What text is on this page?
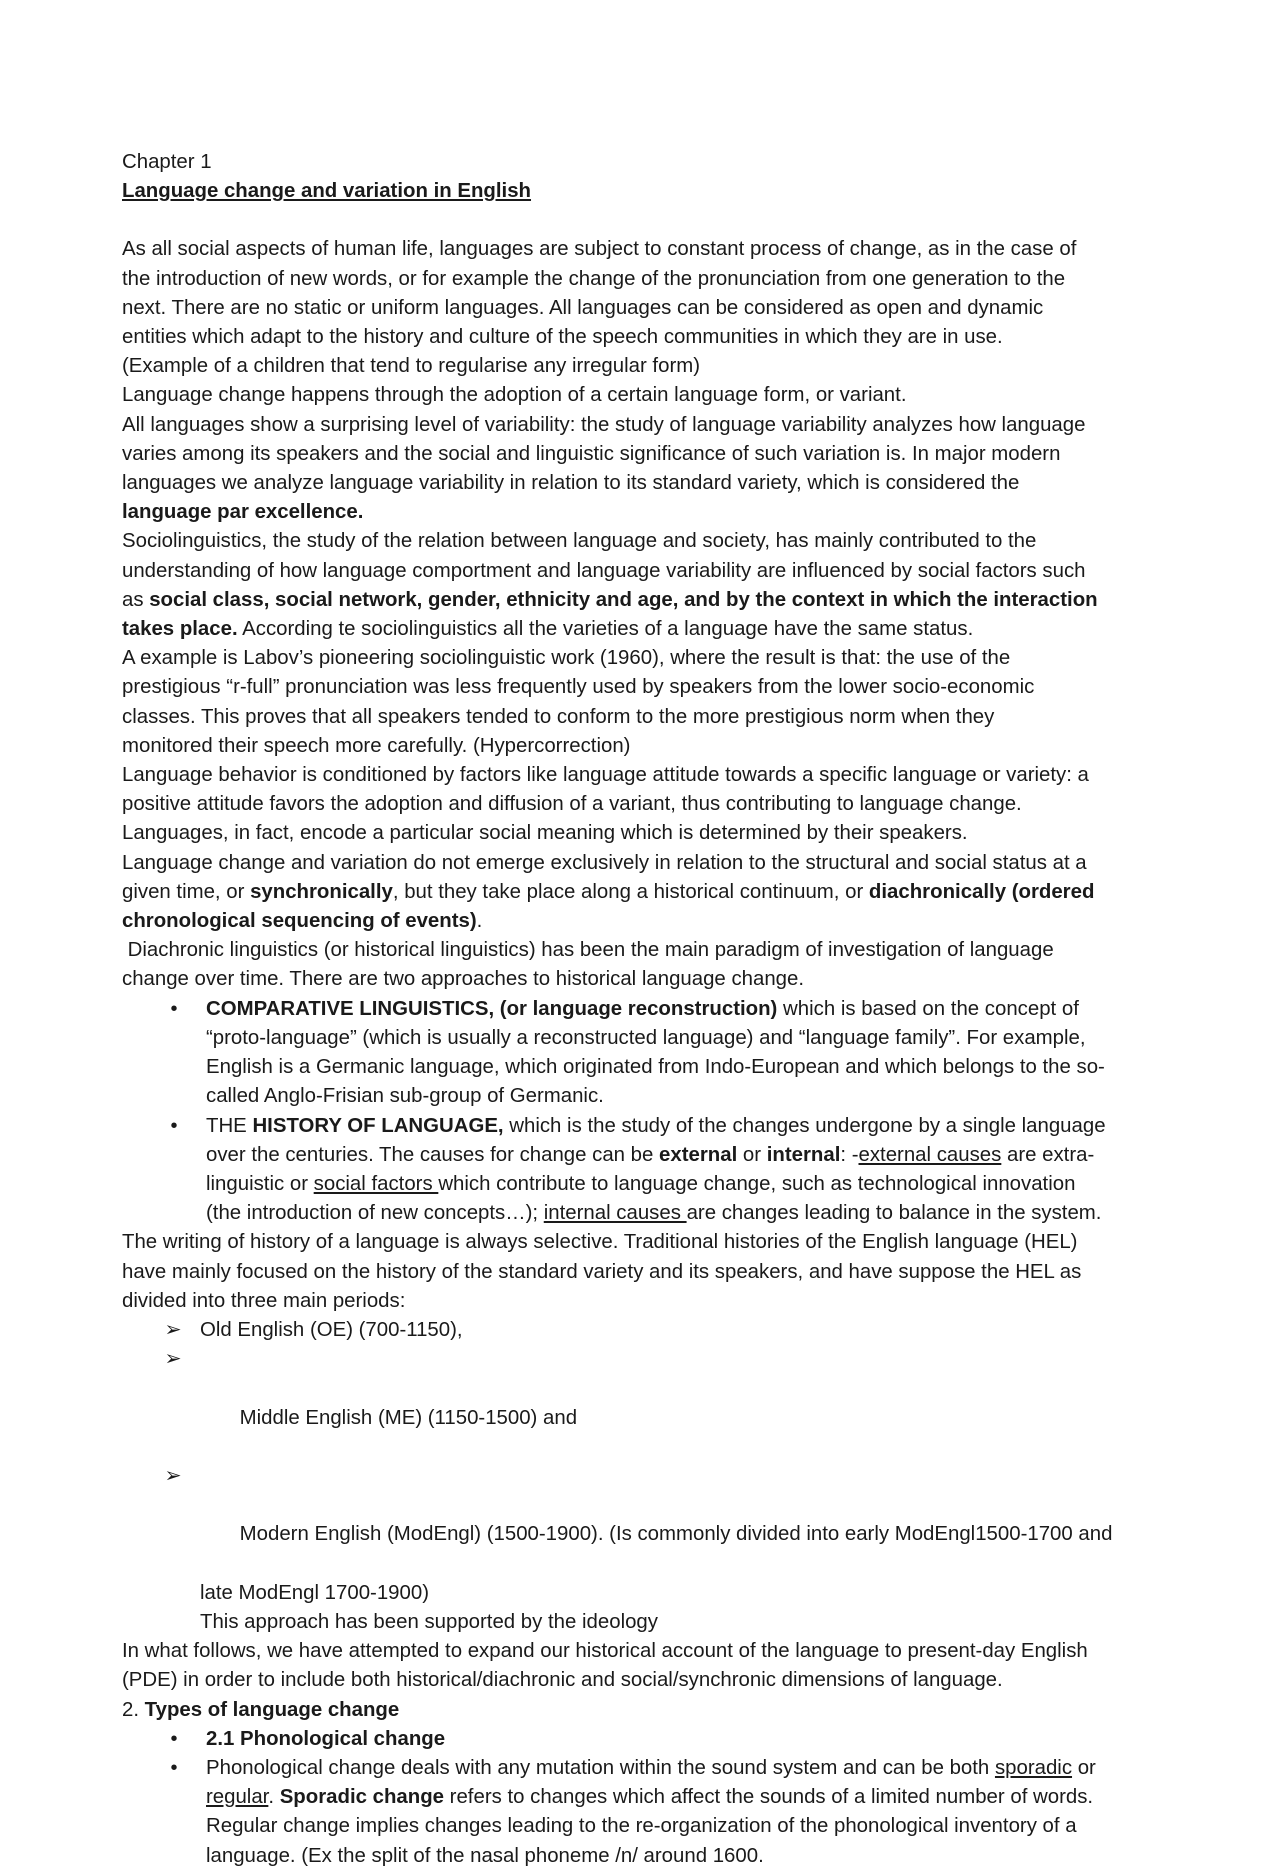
Chapter 1
Language change and variation in English
As all social aspects of human life, languages are subject to constant process of change, as in the case of
the introduction of new words, or for example the change of the pronunciation from one generation to the
next. There are no static or uniform languages. All languages can be considered as open and dynamic
entities which adapt to the history and culture of the speech communities in which they are in use.
(Example of a children that tend to regularise any irregular form)
Language change happens through the adoption of a certain language form, or variant.
All languages show a surprising level of variability: the study of language variability analyzes how language
varies among its speakers and the social and linguistic significance of such variation is. In major modern
languages we analyze language variability in relation to its standard variety, which is considered the
language par excellence.
Sociolinguistics, the study of the relation between language and society, has mainly contributed to the
understanding of how language comportment and language variability are influenced by social factors such
as social class, social network, gender, ethnicity and age, and by the context in which the interaction
takes place. According te sociolinguistics all the varieties of a language have the same status.
A example is Labov’s pioneering sociolinguistic work (1960), where the result is that: the use of the
prestigious “r-full” pronunciation was less frequently used by speakers from the lower socio-economic
classes. This proves that all speakers tended to conform to the more prestigious norm when they
monitored their speech more carefully. (Hypercorrection)
Language behavior is conditioned by factors like language attitude towards a specific language or variety: a
positive attitude favors the adoption and diffusion of a variant, thus contributing to language change.
Languages, in fact, encode a particular social meaning which is determined by their speakers.
Language change and variation do not emerge exclusively in relation to the structural and social status at a
given time, or synchronically, but they take place along a historical continuum, or diachronically (ordered
chronological sequencing of events).
Diachronic linguistics (or historical linguistics) has been the main paradigm of investigation of language
change over time. There are two approaches to historical language change.
•	COMPARATIVE LINGUISTICS, (or language reconstruction) which is based on the concept of
“proto-language” (which is usually a reconstructed language) and “language family”. For example,
English is a Germanic language, which originated from Indo-European and which belongs to the so-
called Anglo-Frisian sub-group of Germanic.
•	THE HISTORY OF LANGUAGE, which is the study of the changes undergone by a single language
over the centuries. The causes for change can be external or internal: -external causes are extra-
linguistic or social factors which contribute to language change, such as technological innovation
(the introduction of new concepts…); internal causes are changes leading to balance in the system.
The writing of history of a language is always selective. Traditional histories of the English language (HEL)
have mainly focused on the history of the standard variety and its speakers, and have suppose the HEL as
divided into three main periods:
➢ Old English (OE) (700-1150),

➢

Middle English (ME) (1150-1500) and

➢

Modern English (ModEngl) (1500-1900). (Is commonly divided into early ModEngl1500-1700 and

late ModEngl 1700-1900)
This approach has been supported by the ideology
In what follows, we have attempted to expand our historical account of the language to present-day English
(PDE) in order to include both historical/diachronic and social/synchronic dimensions of language.
2. Types of language change
•	2.1 Phonological change
•	Phonological change deals with any mutation within the sound system and can be both sporadic or
regular. Sporadic change refers to changes which affect the sounds of a limited number of words.
Regular change implies changes leading to the re-organization of the phonological inventory of a
language. (Ex the split of the nasal phoneme /n/ around 1600.
